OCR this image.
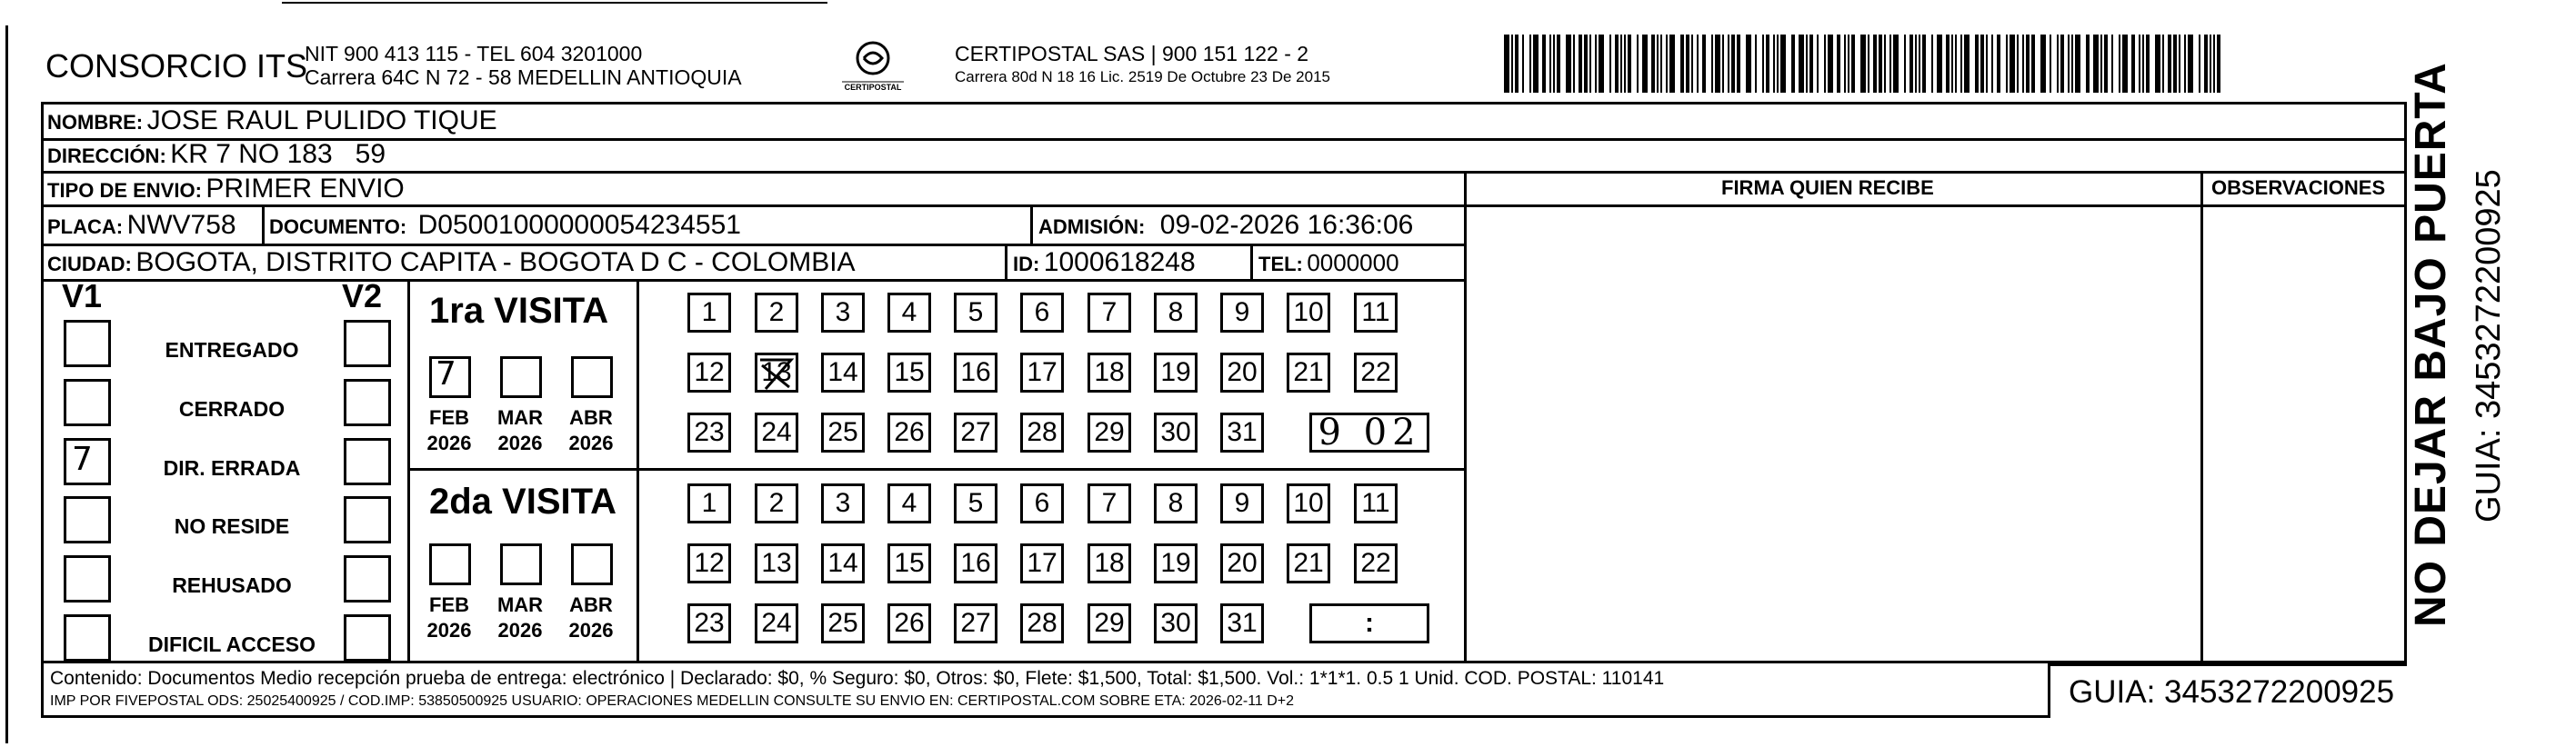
CONSORCIO ITS
NIT 900 413 115 - TEL 604 3201000
Carrera 64C N 72 - 58 MEDELLIN ANTIOQUIA	CERTIPOSTAL
CERTIPOSTAL SAS | 900 151 122 - 2
Carrera 80d N 18 16 Lic. 2519 De Octubre 23 De 2015
NOMBRE: JOSE RAUL PULIDO TIQUE
DIRECCIÓN: KR 7 NO 183   59
TIPO DE ENVIO: PRIMER ENVIO	FIRMA QUIEN RECIBE	OBSERVACIONES
PLACA: NWV758 DOCUMENTO: D05001000000054234551	ADMISIÓN: 09-02-2026 16:36:06
CIUDAD: BOGOTA, DISTRITO CAPITA - BOGOTA D C - COLOMBIA	ID: 1000618248	TEL: 0000000
V1	V2
ENTREGADO
CERRADO
7	DIR. ERRADA
NO RESIDE
REHUSADO
DIFICIL ACCESO
1ra VISITA
2da VISITA
7
FEB
2026
MAR
2026
ABR
2026
FEB
2026
MAR
2026
ABR
2026
1	2	3	4	5	6	7	8	9	10 11
12 13 14 15 16 17 18 19 20 21 22
23 24 25 26 27 28 29 30 31 9 02
1	2	3	4	5	6	7	8	9	10 11
12 13 14 15 16 17 18 19 20 21 22
23 24 25 26 27 28 29 30 31	:	NO DEJAR BAJO PUERTA GUIA: 3453272200925
Contenido: Documentos Medio recepción prueba de entrega: electrónico | Declarado: $0, % Seguro: $0, Otros: $0, Flete: $1,500, Total: $1,500. Vol.: 1*1*1. 0.5 1 Unid. COD. POSTAL: 110141
IMP POR FIVEPOSTAL ODS: 25025400925 / COD.IMP: 53850500925 USUARIO: OPERACIONES MEDELLIN CONSULTE SU ENVIO EN: CERTIPOSTAL.COM SOBRE ETA: 2026-02-11 D+2	GUIA: 3453272200925
